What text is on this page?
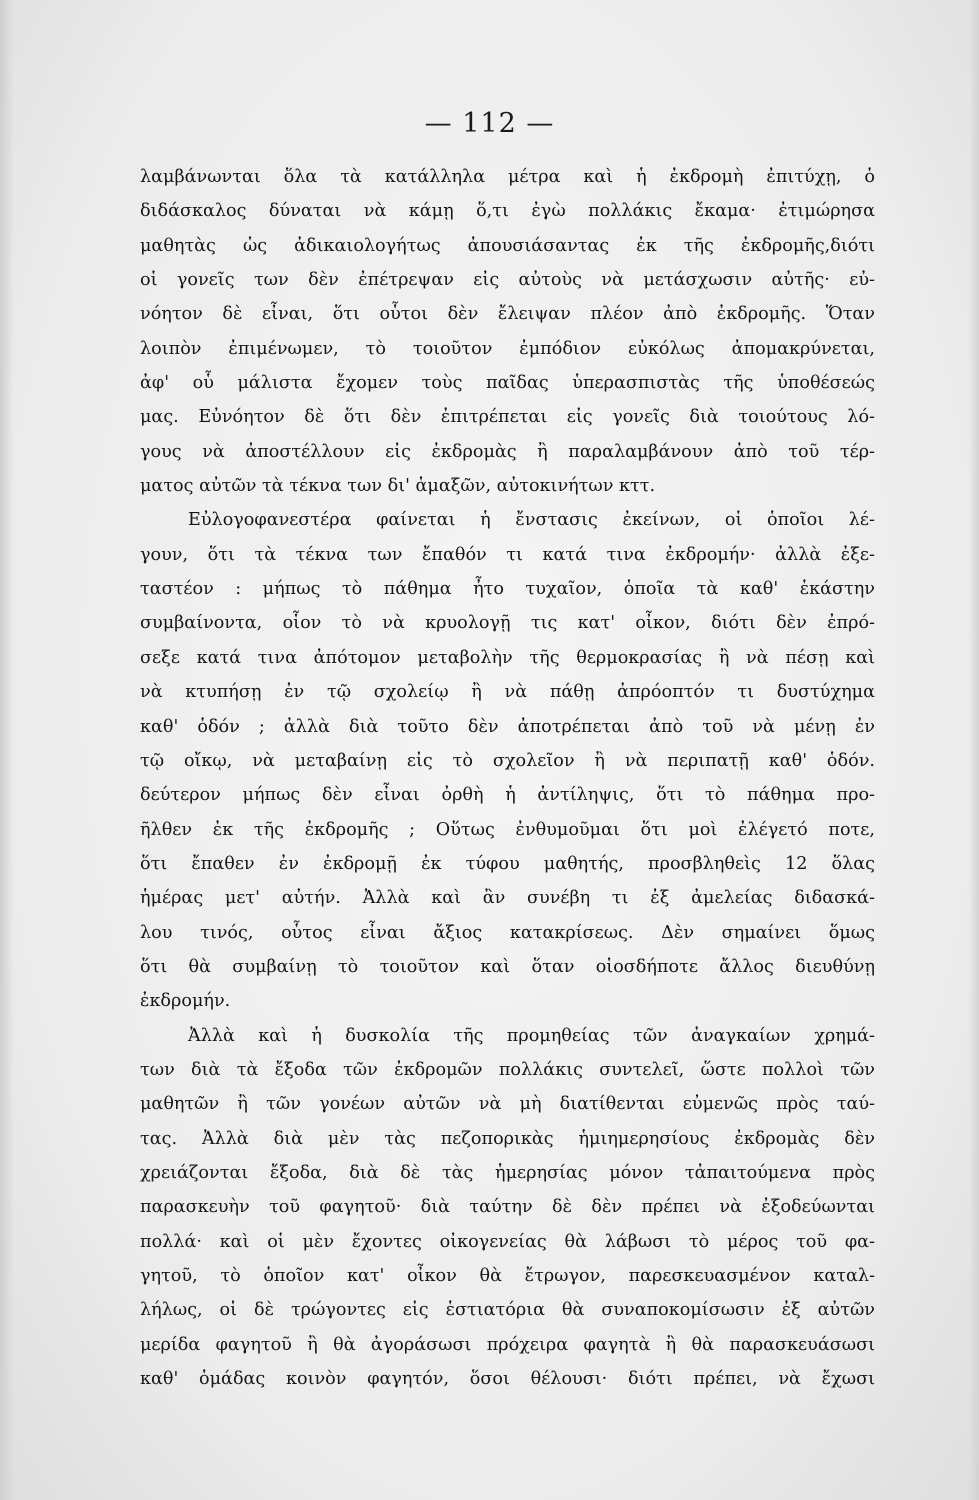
— 112 —
λαμβάνωνται ὅλα τὰ κατάλληλα μέτρα καὶ ἡ ἐκδρομὴ ἐπιτύχῃ, ὁ
διδάσκαλος δύναται νὰ κάμῃ ὅ,τι ἐγὼ πολλάκις ἔκαμα· ἐτιμώρησα
μαθητὰς ὡς ἀδικαιολογήτως ἀπουσιάσαντας ἐκ τῆς ἐκδρομῆς,διότι
οἱ γονεῖς των δὲν ἐπέτρεψαν εἰς αὐτοὺς νὰ μετάσχωσιν αὐτῆς· εὐ-
νόητον δὲ εἶναι, ὅτι οὗτοι δὲν ἔλειψαν πλέον ἀπὸ ἐκδρομῆς. Ὅταν
λοιπὸν ἐπιμένωμεν, τὸ τοιοῦτον ἐμπόδιον εὐκόλως ἀπομακρύνεται,
ἀφ' οὗ μάλιστα ἔχομεν τοὺς παῖδας ὑπερασπιστὰς τῆς ὑποθέσεώς
μας. Εὐνόητον δὲ ὅτι δὲν ἐπιτρέπεται εἰς γονεῖς διὰ τοιούτους λό-
γους νὰ ἀποστέλλουν εἰς ἐκδρομὰς ἢ παραλαμβάνουν ἀπὸ τοῦ τέρ-
ματος αὐτῶν τὰ τέκνα των δι' ἁμαξῶν, αὐτοκινήτων κττ.
Εὐλογοφανεστέρα φαίνεται ἡ ἔνστασις ἐκείνων, οἱ ὁποῖοι λέ-
γουν, ὅτι τὰ τέκνα των ἔπαθόν τι κατά τινα ἐκδρομήν· ἀλλὰ ἐξε-
ταστέον : μήπως τὸ πάθημα ἦτο τυχαῖον, ὁποῖα τὰ καθ' ἑκάστην
συμβαίνοντα, οἷον τὸ νὰ κρυολογῇ τις κατ' οἶκον, διότι δὲν ἐπρό-
σεξε κατά τινα ἀπότομον μεταβολὴν τῆς θερμοκρασίας ἢ νὰ πέσῃ καὶ
νὰ κτυπήσῃ ἐν τῷ σχολείῳ ἢ νὰ πάθῃ ἀπρόοπτόν τι δυστύχημα
καθ' ὁδόν ; ἀλλὰ διὰ τοῦτο δὲν ἀποτρέπεται ἀπὸ τοῦ νὰ μένῃ ἐν
τῷ οἴκῳ, νὰ μεταβαίνῃ εἰς τὸ σχολεῖον ἢ νὰ περιπατῇ καθ' ὁδόν.
δεύτερον μήπως δὲν εἶναι ὀρθὴ ἡ ἀντίληψις, ὅτι τὸ πάθημα προ-
ῆλθεν ἐκ τῆς ἐκδρομῆς ; Οὕτως ἐνθυμοῦμαι ὅτι μοὶ ἐλέγετό ποτε,
ὅτι ἔπαθεν ἐν ἐκδρομῇ ἐκ τύφου μαθητής, προσβληθεὶς 12 ὅλας
ἡμέρας μετ' αὐτήν. Ἀλλὰ καὶ ἂν συνέβη τι ἐξ ἀμελείας διδασκά-
λου τινός, οὗτος εἶναι ἄξιος κατακρίσεως. Δὲν σημαίνει ὅμως
ὅτι θὰ συμβαίνῃ τὸ τοιοῦτον καὶ ὅταν οἱοσδήποτε ἄλλος διευθύνῃ
ἐκδρομήν.
Ἀλλὰ καὶ ἡ δυσκολία τῆς προμηθείας τῶν ἀναγκαίων χρημά-
των διὰ τὰ ἔξοδα τῶν ἐκδρομῶν πολλάκις συντελεῖ, ὥστε πολλοὶ τῶν
μαθητῶν ἢ τῶν γονέων αὐτῶν νὰ μὴ διατίθενται εὐμενῶς πρὸς ταύ-
τας. Ἀλλὰ διὰ μὲν τὰς πεζοπορικὰς ἡμιημερησίους ἐκδρομὰς δὲν
χρειάζονται ἔξοδα, διὰ δὲ τὰς ἡμερησίας μόνον τἀπαιτούμενα πρὸς
παρασκευὴν τοῦ φαγητοῦ· διὰ ταύτην δὲ δὲν πρέπει νὰ ἐξοδεύωνται
πολλά· καὶ οἱ μὲν ἔχοντες οἰκογενείας θὰ λάβωσι τὸ μέρος τοῦ φα-
γητοῦ, τὸ ὁποῖον κατ' οἶκον θὰ ἔτρωγον, παρεσκευασμένον καταλ-
λήλως, οἱ δὲ τρώγοντες εἰς ἑστιατόρια θὰ συναποκομίσωσιν ἐξ αὐτῶν
μερίδα φαγητοῦ ἢ θὰ ἀγοράσωσι πρόχειρα φαγητὰ ἢ θὰ παρασκευάσωσι
καθ' ὁμάδας κοινὸν φαγητόν, ὅσοι θέλουσι· διότι πρέπει, νὰ ἔχωσι
